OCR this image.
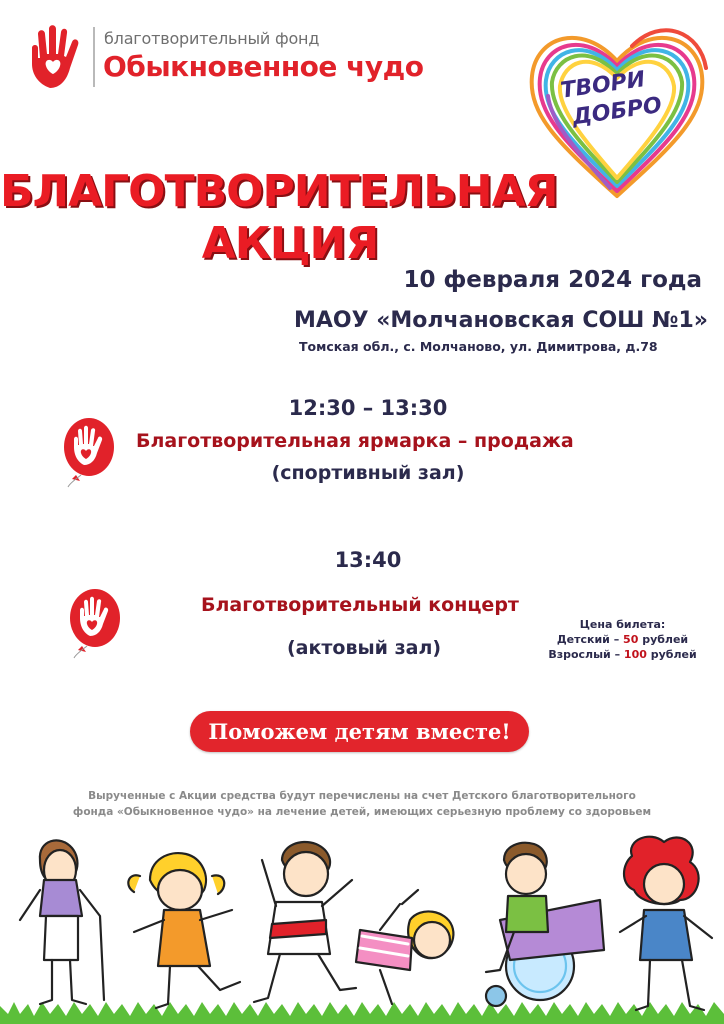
благотворительный фонд
Обыкновенное чудо
ТВОРИ
ДОБРО
БЛАГОТВОРИТЕЛЬНАЯ
АКЦИЯ
10 февраля 2024 года
МАОУ «Молчановская СОШ №1»
Томская обл., с. Молчаново, ул. Димитрова, д.78
12:30 – 13:30
Благотворительная ярмарка – продажа
(спортивный зал)
13:40
Благотворительный концерт
(актовый зал)
Цена билета:
Детский – 50 рублей
Взрослый – 100 рублей
Поможем детям вместе!
Вырученные с Акции средства будут перечислены на счет Детского благотворительного
фонда «Обыкновенное чудо» на лечение детей, имеющих серьезную проблему со здоровьем
